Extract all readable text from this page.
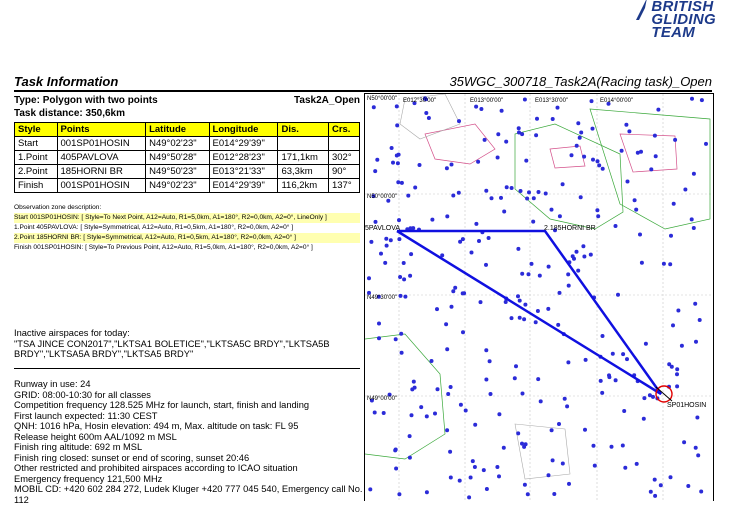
BRITISH
GLIDING
TEAM
Task Information	35WGC_300718_Task2A(Racing task)_Open
Type: Polygon with two points	Task2A_Open
Task distance: 350,6km
Style	Points	Latitude	Longitude	Dis.	Crs.
Start	001SP01HOSIN	N49°02'23"	E014°29'39"		
1.Point	405PAVLOVA	N49°50'28"	E012°28'23"	171,1km	302°
2.Point	185HORNI BR	N49°50'23"	E013°21'33"	63,3km	90°
Finish	001SP01HOSIN	N49°02'23"	E014°29'39"	116,2km	137°
Observation zone description:
Start 001SP01HOSIN: [ Style=To Next Point, A12=Auto, R1=5,0km, A1=180°, R2=0,0km, A2=0°, LineOnly ]
1.Point 405PAVLOVA: [ Style=Symmetrical, A12=Auto, R1=0,5km, A1=180°, R2=0,0km, A2=0° ]
2.Point 185HORNI BR: [ Style=Symmetrical, A12=Auto, R1=0,5km, A1=180°, R2=0,0km, A2=0° ]
Finish 001SP01HOSIN: [ Style=To Previous Point, A12=Auto, R1=5,0km, A1=180°, R2=0,0km, A2=0° ]
Inactive airspaces for today:
"TSA JINCE CON2017","LKTSA1 BOLETICE","LKTSA5C BRDY","LKTSA5B BRDY","LKTSA5A BRDY","LKTSA5 BRDY"
Runway in use: 24
GRID: 08:00-10:30 for all classes
Competition frequency 128.525 MHz for launch, start, finish and landing
First launch expected: 11:30 CEST
QNH: 1016 hPa, Hosin elevation: 494 m, Max. altitude on task: FL 95
Release height 600m AAL/1092 m MSL
Finish ring altitude: 692 m MSL
Finish ring closed: sunset or end of scoring, sunset 20:46
Other restricted and prohibited airspaces according to ICAO situation
Emergency frequency 121,500 MHz
MOBIL CD: +420 602 284 272, Ludek Kluger +420 777 045 540, Emergency call No.
112
E012°30'00"	E013°00'00"	E013°30'00"	E014°00'00"
N50°00'00"
N50°00'00"
N49°30'00"
N49°00'00"
5PAVLOVA	2.185HORNI BR
SP01HOSIN
